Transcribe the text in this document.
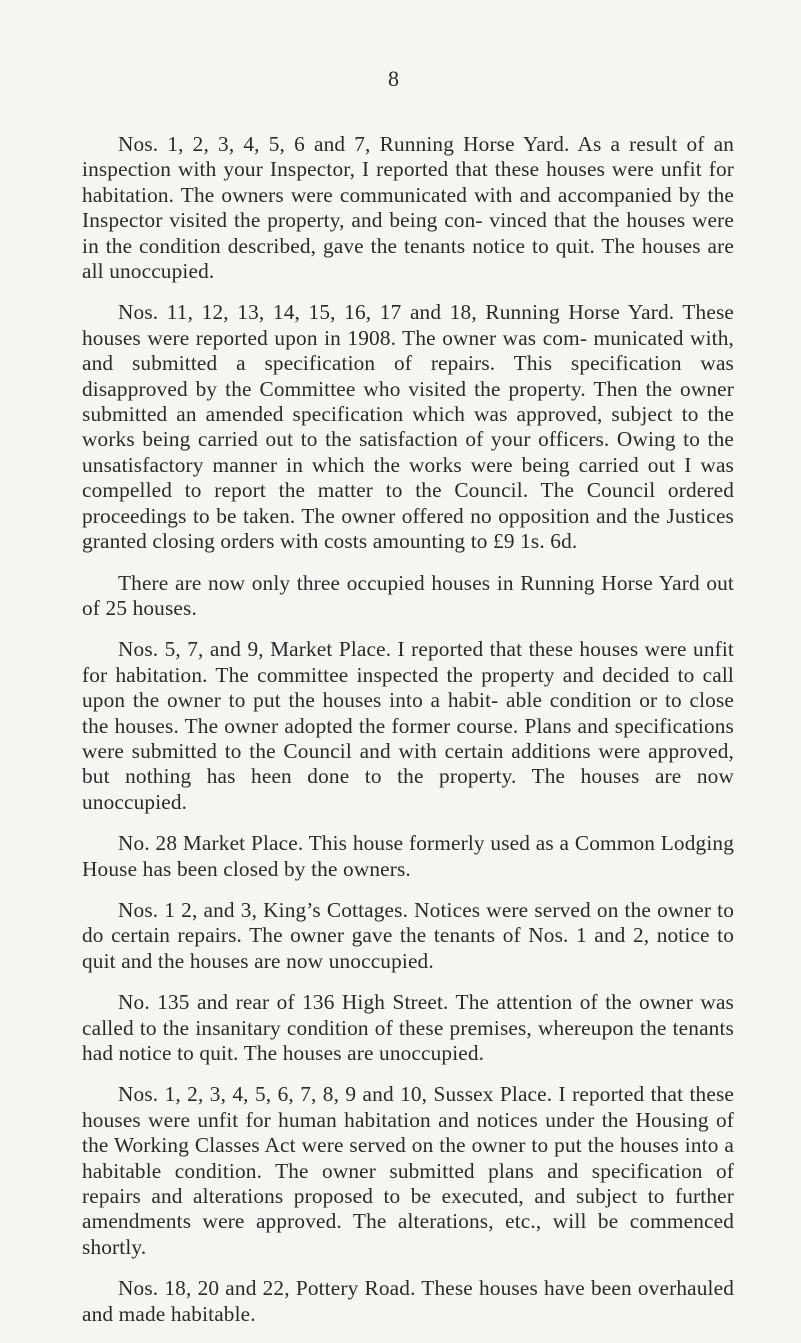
8

Nos. 1, 2, 3, 4, 5, 6 and 7, Running Horse Yard. As a result of an inspection with your Inspector, I reported that these houses were unfit for habitation. The owners were communicated with and accompanied by the Inspector visited the property, and being con- vinced that the houses were in the condition described, gave the tenants notice to quit. The houses are all unoccupied.

Nos. 11, 12, 13, 14, 15, 16, 17 and 18, Running Horse Yard. These houses were reported upon in 1908. The owner was com- municated with, and submitted a specification of repairs. This specification was disapproved by the Committee who visited the property. Then the owner submitted an amended specification which was approved, subject to the works being carried out to the satisfaction of your officers. Owing to the unsatisfactory manner in which the works were being carried out I was compelled to report the matter to the Council. The Council ordered proceedings to be taken. The owner offered no opposition and the Justices granted closing orders with costs amounting to £9 1s. 6d.

There are now only three occupied houses in Running Horse Yard out of 25 houses.

Nos. 5, 7, and 9, Market Place. I reported that these houses were unfit for habitation. The committee inspected the property and decided to call upon the owner to put the houses into a habit- able condition or to close the houses. The owner adopted the former course. Plans and specifications were submitted to the Council and with certain additions were approved, but nothing has heen done to the property. The houses are now unoccupied.

No. 28 Market Place. This house formerly used as a Common Lodging House has been closed by the owners.

Nos. 1 2, and 3, King’s Cottages. Notices were served on the owner to do certain repairs. The owner gave the tenants of Nos. 1 and 2, notice to quit and the houses are now unoccupied.

No. 135 and rear of 136 High Street. The attention of the owner was called to the insanitary condition of these premises, whereupon the tenants had notice to quit. The houses are unoccupied.

Nos. 1, 2, 3, 4, 5, 6, 7, 8, 9 and 10, Sussex Place. I reported that these houses were unfit for human habitation and notices under the Housing of the Working Classes Act were served on the owner to put the houses into a habitable condition. The owner submitted plans and specification of repairs and alterations proposed to be executed, and subject to further amendments were approved. The alterations, etc., will be commenced shortly.

Nos. 18, 20 and 22, Pottery Road. These houses have been overhauled and made habitable.
